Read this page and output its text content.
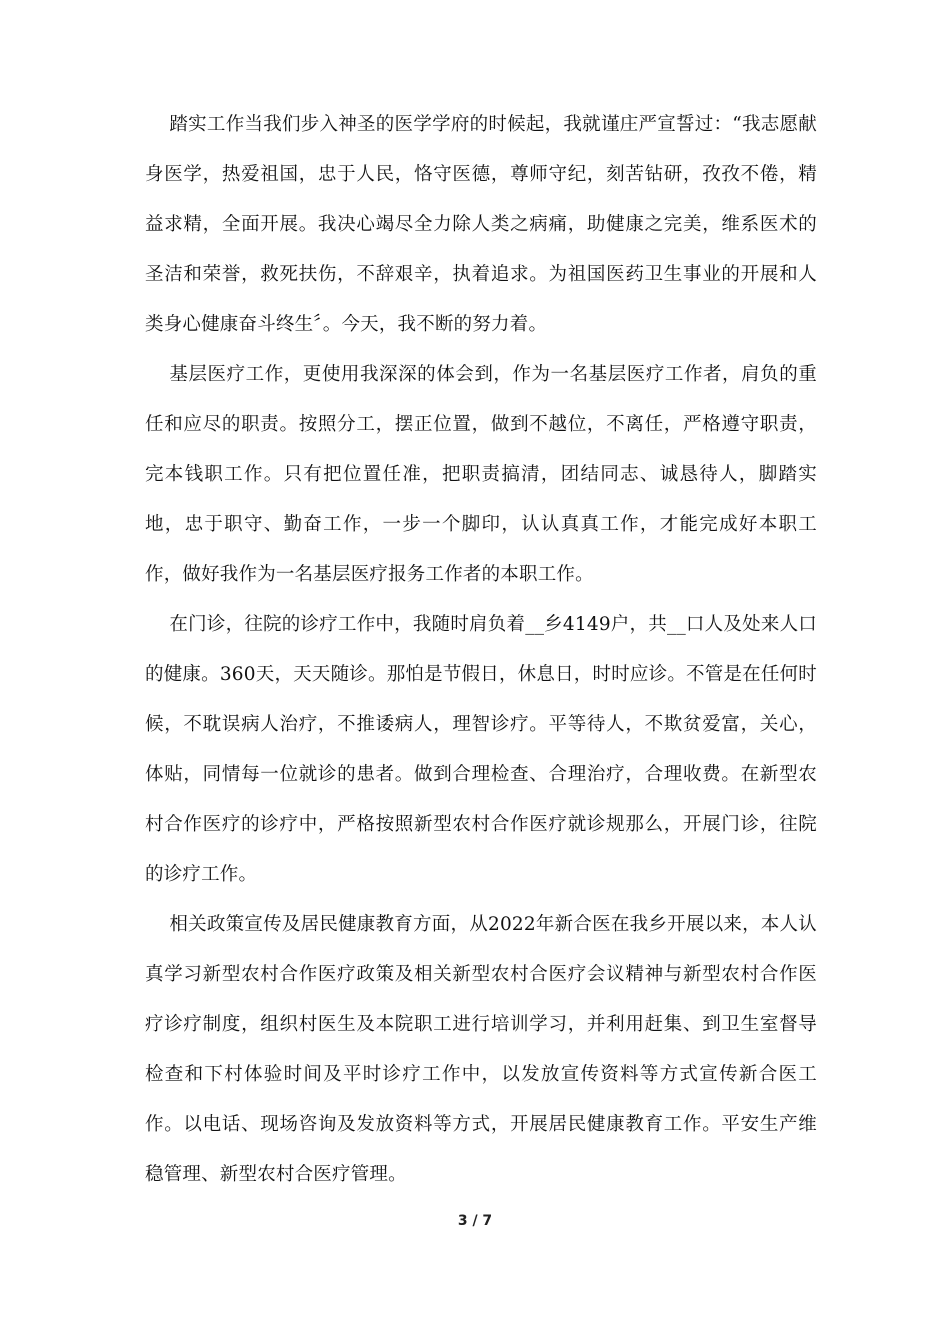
踏实工作当我们步入神圣的医学学府的时候起，我就谨庄严宣誓过：“我志愿献身医学，热爱祖国，忠于人民，恪守医德，尊师守纪，刻苦钻研，孜孜不倦，精益求精，全面开展。我决心竭尽全力除人类之病痛，助健康之完美，维系医术的圣洁和荣誉，救死扶伤，不辞艰辛，执着追求。为祖国医药卫生事业的开展和人类身心健康奋斗终生〞。今天，我不断的努力着。

基层医疗工作，更使用我深深的体会到，作为一名基层医疗工作者，肩负的重任和应尽的职责。按照分工，摆正位置，做到不越位，不离任，严格遵守职责，完本钱职工作。只有把位置任准，把职责搞清，团结同志、诚恳待人，脚踏实地，忠于职守、勤奋工作，一步一个脚印，认认真真工作，才能完成好本职工作，做好我作为一名基层医疗报务工作者的本职工作。

在门诊，往院的诊疗工作中，我随时肩负着__乡4149户，共__口人及处来人口的健康。360天，天天随诊。那怕是节假日，休息日，时时应诊。不管是在任何时候，不耽误病人治疗，不推诿病人，理智诊疗。平等待人，不欺贫爱富，关心，体贴，同情每一位就诊的患者。做到合理检查、合理治疗，合理收费。在新型农村合作医疗的诊疗中，严格按照新型农村合作医疗就诊规那么，开展门诊，往院的诊疗工作。

相关政策宣传及居民健康教育方面，从2022年新合医在我乡开展以来，本人认真学习新型农村合作医疗政策及相关新型农村合医疗会议精神与新型农村合作医疗诊疗制度，组织村医生及本院职工进行培训学习，并利用赶集、到卫生室督导检查和下村体验时间及平时诊疗工作中，以发放宣传资料等方式宣传新合医工作。以电话、现场咨询及发放资料等方式，开展居民健康教育工作。平安生产维稳管理、新型农村合医疗管理。

3 / 7
